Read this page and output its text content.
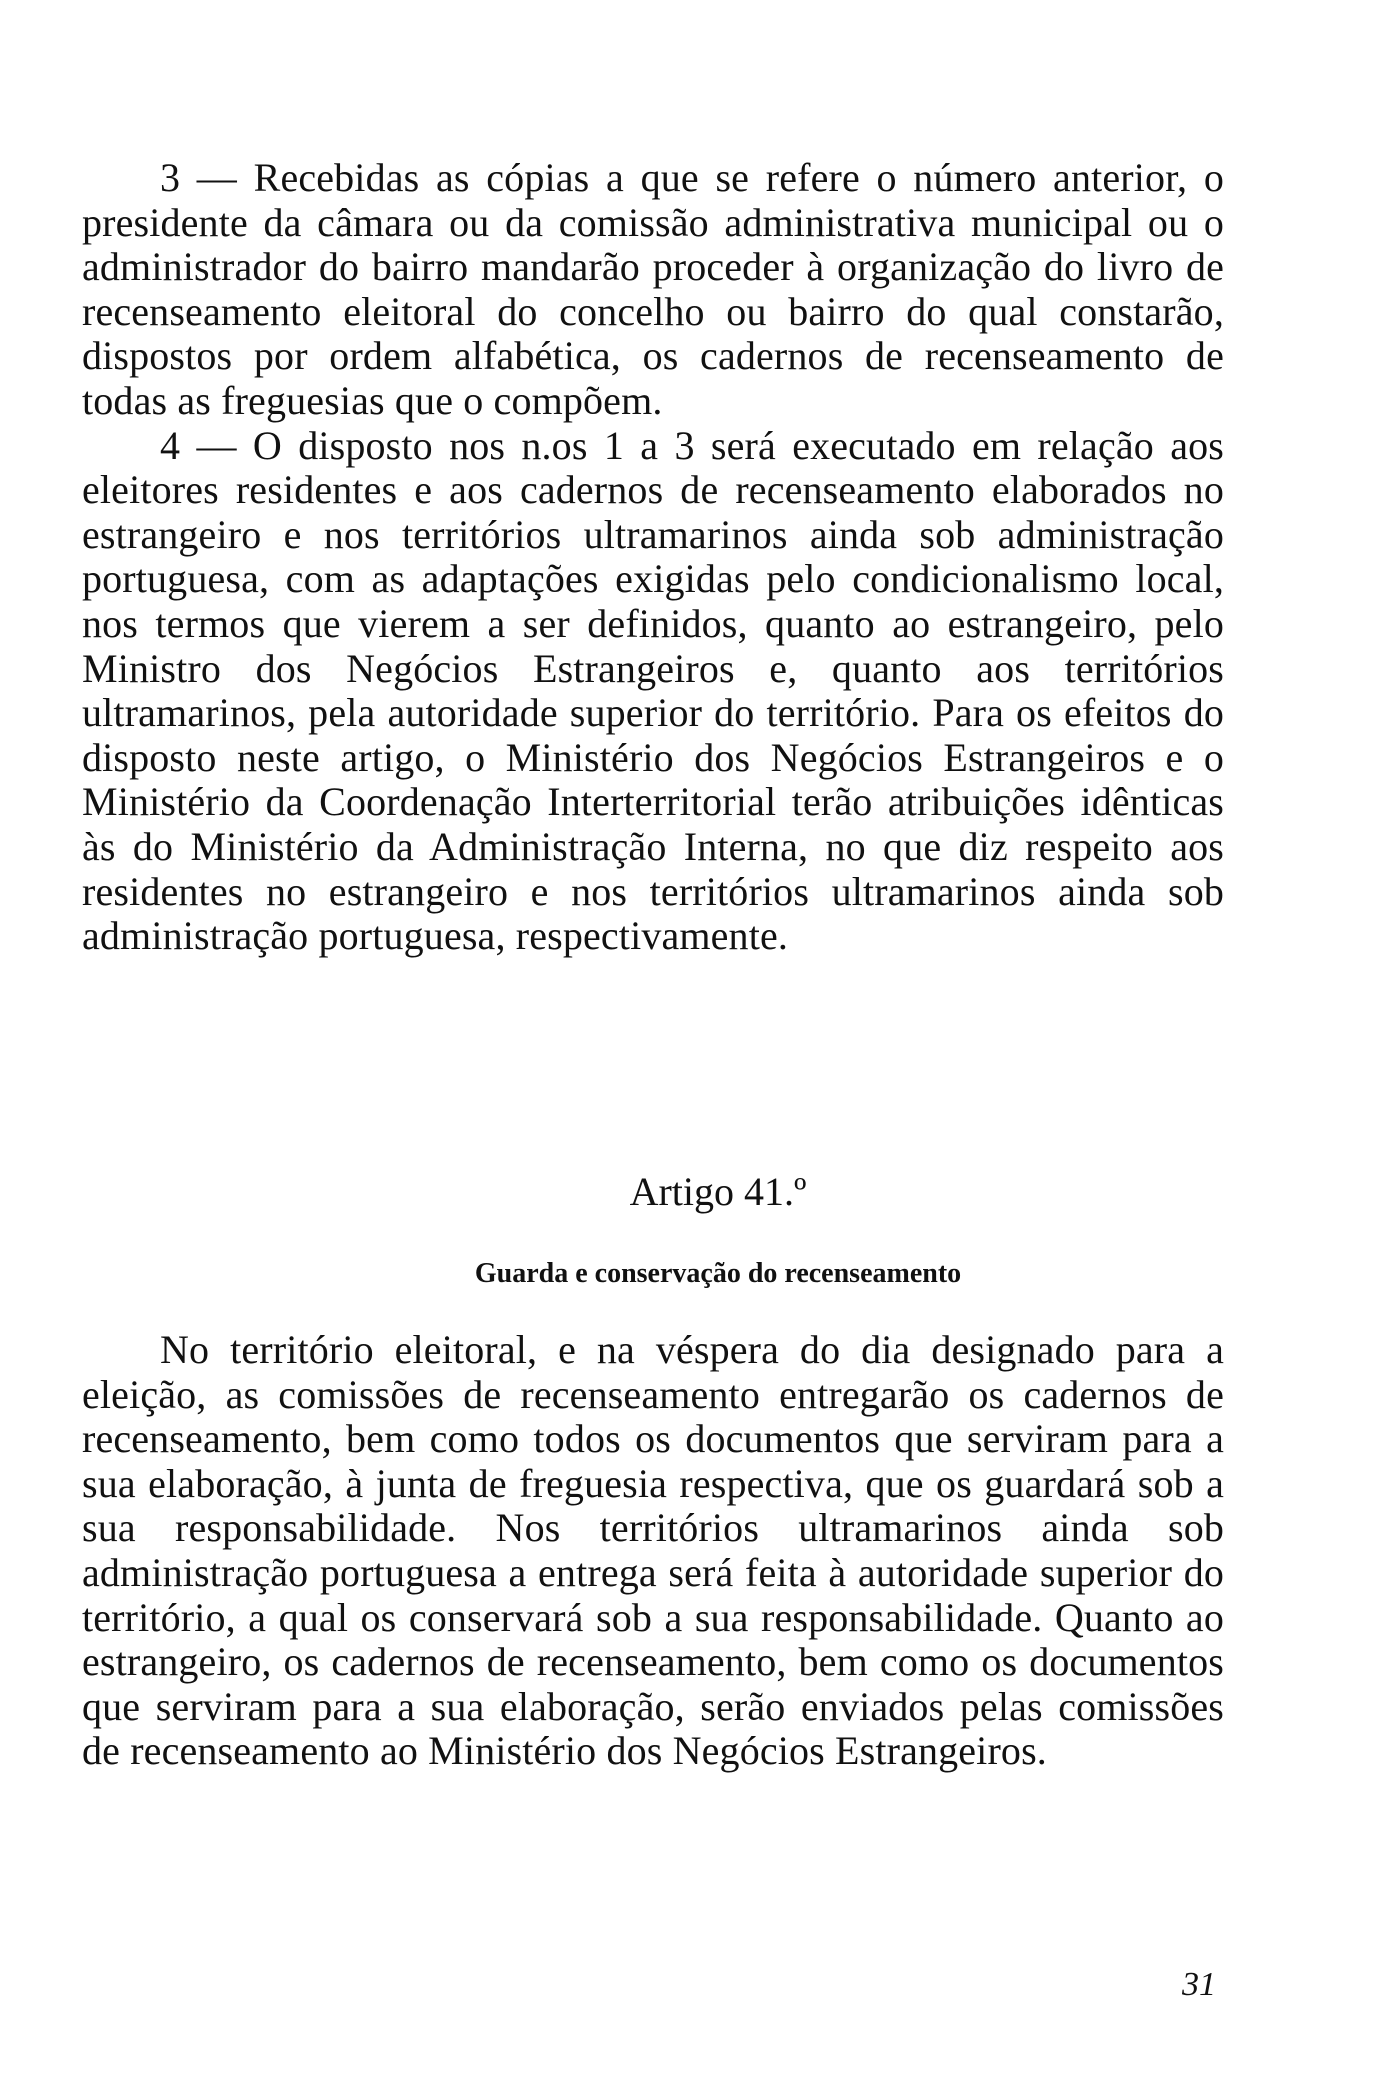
3 — Recebidas as cópias a que se refere o número anterior, o presidente da câmara ou da comissão administrativa municipal ou o administrador do bairro mandarão proceder à organização do livro de recenseamento eleitoral do concelho ou bairro do qual constarão, dispostos por ordem alfabética, os cadernos de recenseamento de todas as freguesias que o compõem.

4 — O disposto nos n.os 1 a 3 será executado em relação aos eleitores residentes e aos cadernos de recenseamento elaborados no estrangeiro e nos territórios ultramarinos ainda sob administração portuguesa, com as adaptações exigidas pelo condicionalismo local, nos termos que vierem a ser definidos, quanto ao estrangeiro, pelo Ministro dos Negócios Estrangeiros e, quanto aos territórios ultramarinos, pela autoridade superior do território. Para os efeitos do disposto neste artigo, o Ministério dos Negócios Estrangeiros e o Ministério da Coordenação Interterritorial terão atribuições idênticas às do Ministério da Administração Interna, no que diz respeito aos residentes no estrangeiro e nos territórios ultramarinos ainda sob administração portuguesa, respectivamente.

Artigo 41.º

Guarda e conservação do recenseamento

No território eleitoral, e na véspera do dia designado para a eleição, as comissões de recenseamento entregarão os cadernos de recenseamento, bem como todos os documentos que serviram para a sua elaboração, à junta de freguesia respectiva, que os guardará sob a sua responsabilidade. Nos territórios ultramarinos ainda sob administração portuguesa a entrega será feita à autoridade superior do território, a qual os conservará sob a sua responsabilidade. Quanto ao estrangeiro, os cadernos de recenseamento, bem como os documentos que serviram para a sua elaboração, serão enviados pelas comissões de recenseamento ao Ministério dos Negócios Estrangeiros.

31
